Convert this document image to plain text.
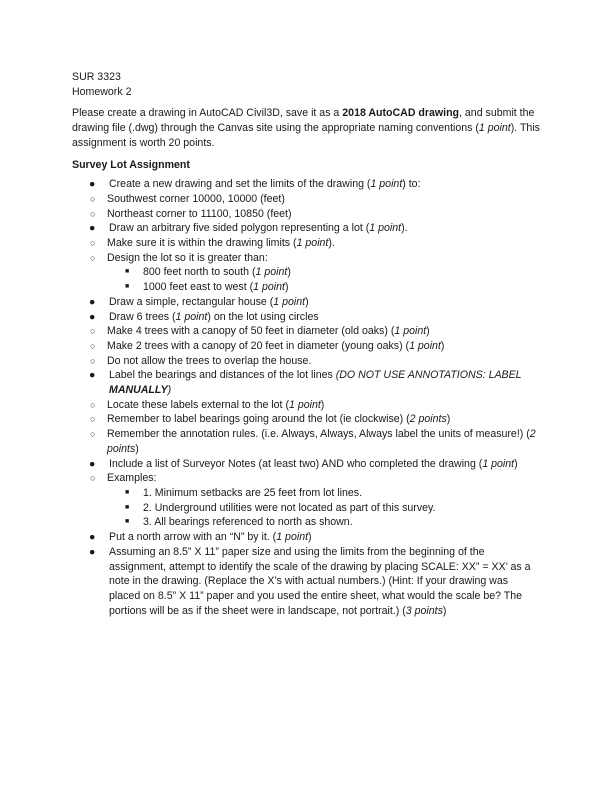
SUR 3323

Homework 2

Please create a drawing in AutoCAD Civil3D, save it as a 2018 AutoCAD drawing, and submit the drawing file (.dwg) through the Canvas site using the appropriate naming conventions (1 point). This assignment is worth 20 points.

Survey Lot Assignment

● Create a new drawing and set the limits of the drawing (1 point) to:
○ Southwest corner 10000, 10000 (feet)
○ Northeast corner to 11100, 10850 (feet)
● Draw an arbitrary five sided polygon representing a lot (1 point).
○ Make sure it is within the drawing limits (1 point).
○ Design the lot so it is greater than:
■ 800 feet north to south (1 point)
■ 1000 feet east to west (1 point)
● Draw a simple, rectangular house (1 point)
● Draw 6 trees (1 point) on the lot using circles
○ Make 4 trees with a canopy of 50 feet in diameter (old oaks) (1 point)
○ Make 2 trees with a canopy of 20 feet in diameter (young oaks) (1 point)
○ Do not allow the trees to overlap the house.
● Label the bearings and distances of the lot lines (DO NOT USE ANNOTATIONS: LABEL MANUALLY)
○ Locate these labels external to the lot (1 point)
○ Remember to label bearings going around the lot (ie clockwise) (2 points)
○ Remember the annotation rules. (i.e. Always, Always, Always label the units of measure!) (2 points)
● Include a list of Surveyor Notes (at least two) AND who completed the drawing (1 point)
○ Examples:
■ 1. Minimum setbacks are 25 feet from lot lines.
■ 2. Underground utilities were not located as part of this survey.
■ 3. All bearings referenced to north as shown.
● Put a north arrow with an “N” by it. (1 point)
● Assuming an 8.5” X 11” paper size and using the limits from the beginning of the assignment, attempt to identify the scale of the drawing by placing SCALE: XX” = XX’ as a note in the drawing. (Replace the X’s with actual numbers.) (Hint: If your drawing was placed on 8.5” X 11” paper and you used the entire sheet, what would the scale be? The portions will be as if the sheet were in landscape, not portrait.) (3 points)
